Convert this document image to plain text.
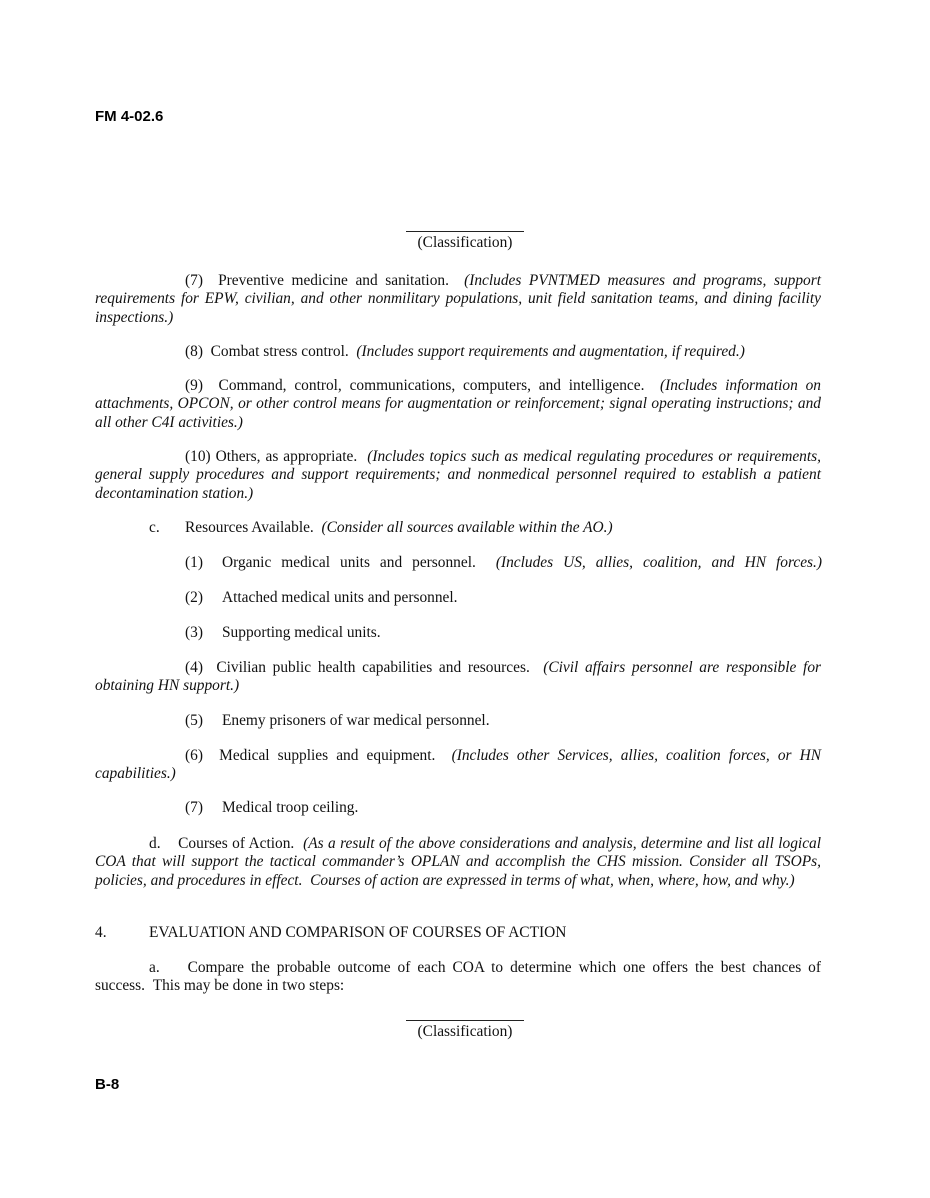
FM 4-02.6
(Classification)
(7)  Preventive medicine and sanitation.  (Includes PVNTMED measures and programs, support requirements for EPW, civilian, and other nonmilitary populations, unit field sanitation teams, and dining facility inspections.)
(8)  Combat stress control.  (Includes support requirements and augmentation, if required.)
(9)  Command, control, communications, computers, and intelligence.  (Includes information on attachments, OPCON, or other control means for augmentation or reinforcement; signal operating instructions; and all other C4I activities.)
(10) Others, as appropriate.  (Includes topics such as medical regulating procedures or requirements, general supply procedures and support requirements; and nonmedical personnel required to establish a patient decontamination station.)
c. Resources Available.  (Consider all sources available within the AO.)
(1) Organic medical units and personnel.  (Includes US, allies, coalition, and HN forces.)
(2) Attached medical units and personnel.
(3) Supporting medical units.
(4)  Civilian public health capabilities and resources.  (Civil affairs personnel are responsible for obtaining HN support.)
(5) Enemy prisoners of war medical personnel.
(6)  Medical supplies and equipment.  (Includes other Services, allies, coalition forces, or HN capabilities.)
(7) Medical troop ceiling.
d.    Courses of Action.  (As a result of the above considerations and analysis, determine and list all logical COA that will support the tactical commander’s OPLAN and accomplish the CHS mission. Consider all TSOPs, policies, and procedures in effect.  Courses of action are expressed in terms of what, when, where, how, and why.)
4.	EVALUATION AND COMPARISON OF COURSES OF ACTION
a.    Compare the probable outcome of each COA to determine which one offers the best chances of success.  This may be done in two steps:
(Classification)
B-8
